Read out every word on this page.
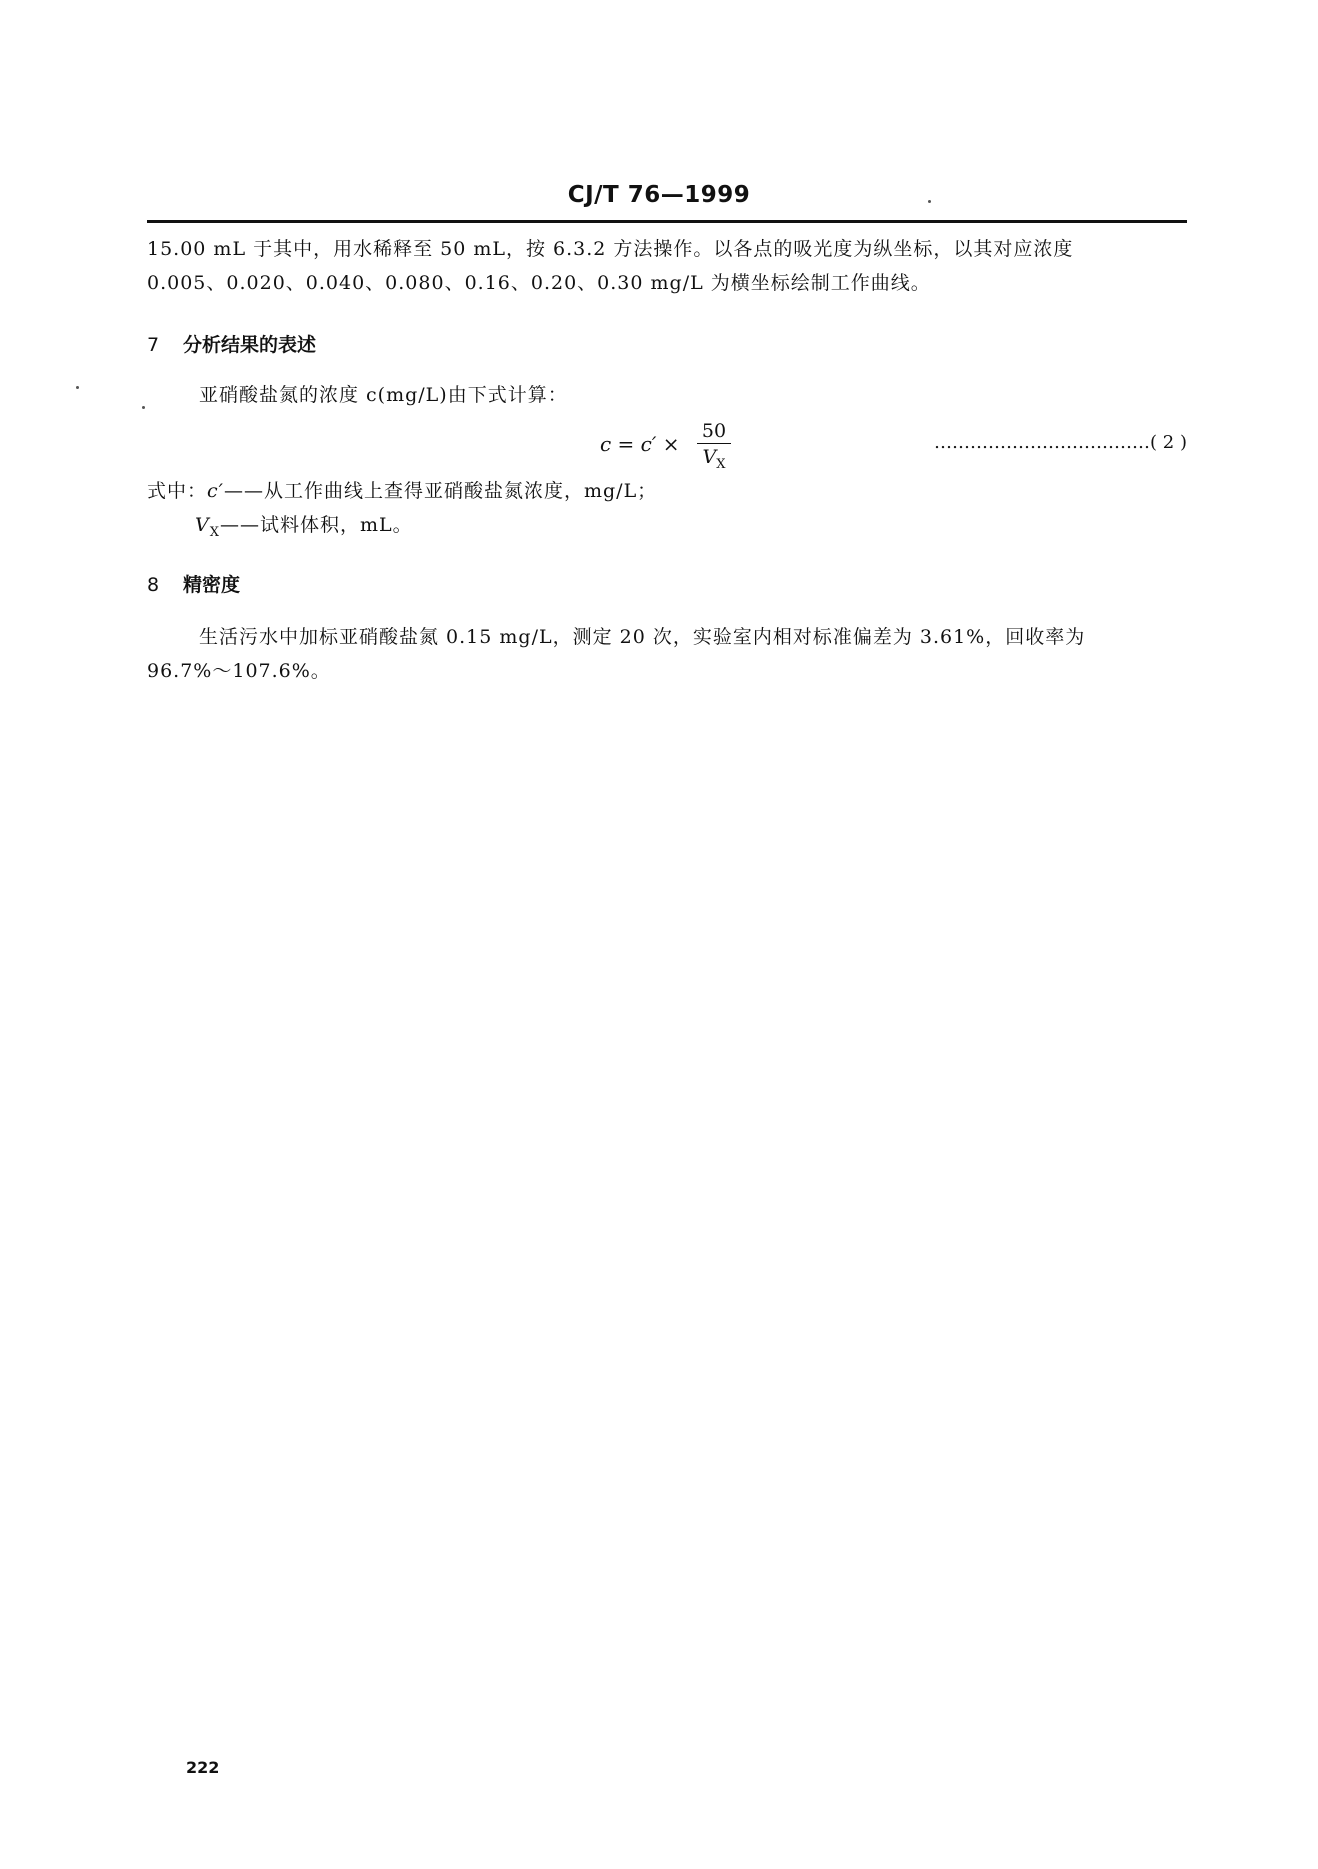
CJ/T 76—1999
15.00 mL 于其中，用水稀释至 50 mL，按 6.3.2 方法操作。以各点的吸光度为纵坐标，以其对应浓度
0.005、0.020、0.040、0.080、0.16、0.20、0.30 mg/L 为横坐标绘制工作曲线。
7 分析结果的表述
亚硝酸盐氮的浓度 c(mg/L)由下式计算：
c = c′ ×
50
$V_X$
………………………………( 2 )
式中：c′——从工作曲线上查得亚硝酸盐氮浓度，mg/L；
$V_X——$试料体积，mL。
8 精密度
生活污水中加标亚硝酸盐氮 0.15 mg/L，测定 20 次，实验室内相对标准偏差为 3.61%，回收率为
96.7%～107.6%。
222
